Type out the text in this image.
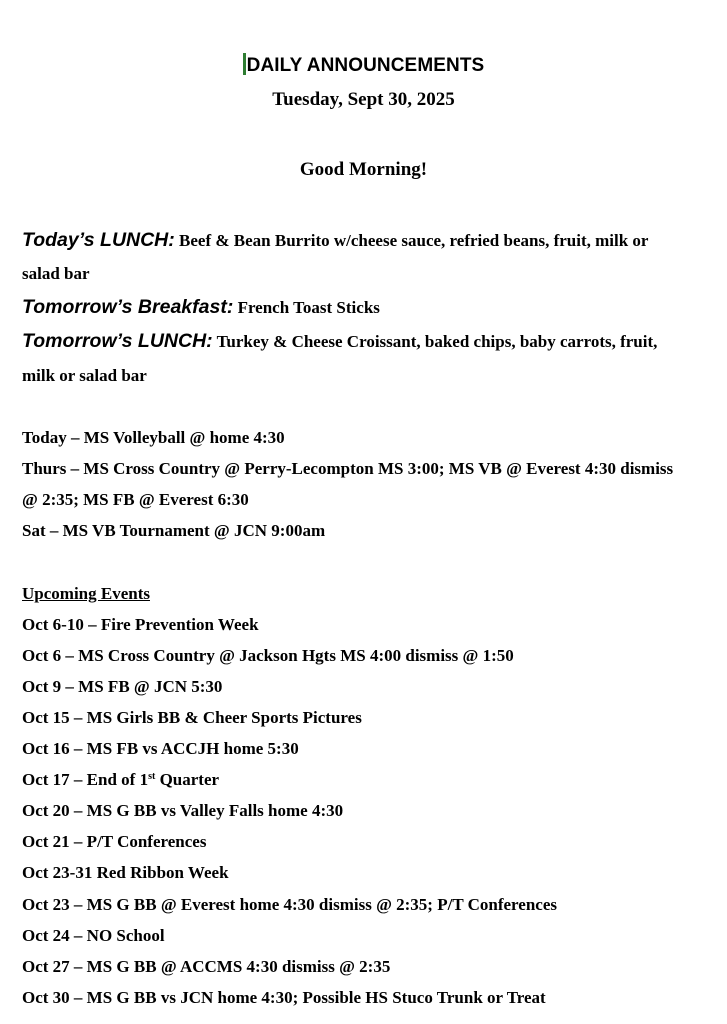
DAILY ANNOUNCEMENTS
Tuesday, Sept 30, 2025
Good Morning!
Today’s LUNCH: Beef & Bean Burrito w/cheese sauce, refried beans, fruit, milk or
salad bar
Tomorrow’s Breakfast: French Toast Sticks
Tomorrow’s LUNCH: Turkey & Cheese Croissant, baked chips, baby carrots, fruit,
milk or salad bar
Today – MS Volleyball @ home 4:30
Thurs – MS Cross Country @ Perry-Lecompton MS 3:00; MS VB @ Everest 4:30 dismiss
@ 2:35; MS FB @ Everest 6:30
Sat – MS VB Tournament @ JCN 9:00am
Upcoming Events
Oct 6-10 – Fire Prevention Week
Oct 6 – MS Cross Country @ Jackson Hgts MS 4:00 dismiss @ 1:50
Oct 9 – MS FB @ JCN 5:30
Oct 15 – MS Girls BB & Cheer Sports Pictures
Oct 16 – MS FB vs ACCJH home 5:30
Oct 17 – End of 1st Quarter
Oct 20 – MS G BB vs Valley Falls home 4:30
Oct 21 – P/T Conferences
Oct 23-31 Red Ribbon Week
Oct 23 – MS G BB @ Everest home 4:30 dismiss @ 2:35; P/T Conferences
Oct 24 – NO School
Oct 27 – MS G BB @ ACCMS 4:30 dismiss @ 2:35
Oct 30 – MS G BB vs JCN home 4:30; Possible HS Stuco Trunk or Treat
